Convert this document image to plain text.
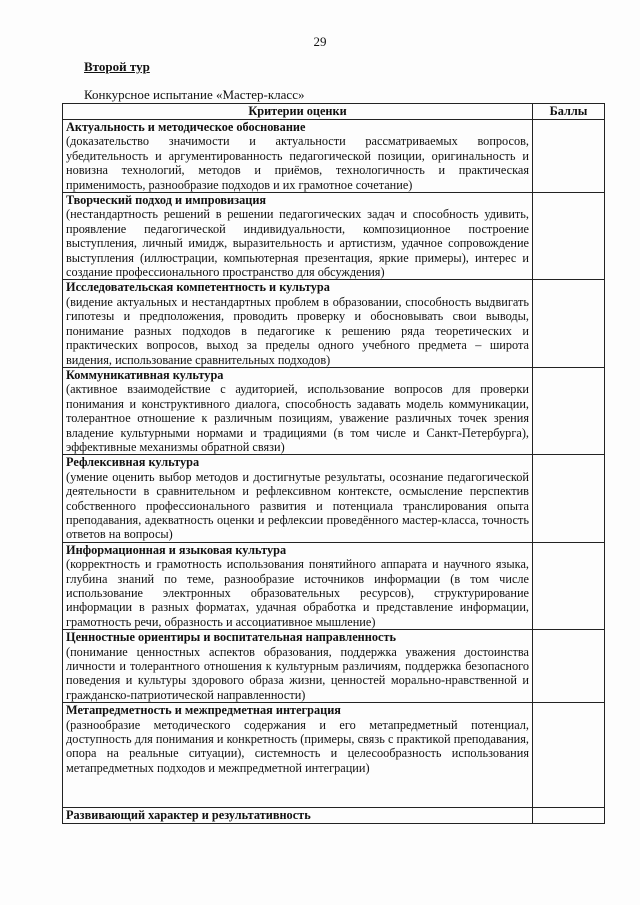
29
Второй тур
Конкурсное испытание «Мастер-класс»
Критерии оценки	Баллы

Актуальность и методическое обоснование
(доказательство значимости и актуальности рассматриваемых вопросов, убедительность и аргументированность педагогической позиции, оригинальность и новизна технологий, методов и приёмов, технологичность и практическая применимость, разнообразие подходов и их грамотное сочетание)	

Творческий подход и импровизация
(нестандартность решений в решении педагогических задач и способность удивить, проявление педагогической индивидуальности, композиционное построение выступления, личный имидж, выразительность и артистизм, удачное сопровождение выступления (иллюстрации, компьютерная презентация, яркие примеры), интерес и создание профессионального пространство для обсуждения)	

Исследовательская компетентность и культура
(видение актуальных и нестандартных проблем в образовании, способность выдвигать гипотезы и предположения, проводить проверку и обосновывать свои выводы, понимание разных подходов в педагогике к решению ряда теоретических и практических вопросов, выход за пределы одного учебного предмета – широта видения, использование сравнительных подходов)	

Коммуникативная культура
(активное взаимодействие с аудиторией, использование вопросов для проверки понимания и конструктивного диалога, способность задавать модель коммуникации, толерантное отношение к различным позициям, уважение различных точек зрения владение культурными нормами и традициями (в том числе и Санкт-Петербурга), эффективные механизмы обратной связи)	

Рефлексивная культура
(умение оценить выбор методов и достигнутые результаты, осознание педагогической деятельности в сравнительном и рефлексивном контексте, осмысление перспектив собственного профессионального развития и потенциала транслирования опыта преподавания, адекватность оценки и рефлексии проведённого мастер-класса, точность ответов на вопросы)	

Информационная и языковая культура
(корректность и грамотность использования понятийного аппарата и научного языка, глубина знаний по теме, разнообразие источников информации (в том числе использование электронных образовательных ресурсов), структурирование информации в разных форматах, удачная обработка и представление информации, грамотность речи, образность и ассоциативное мышление)	

Ценностные ориентиры и воспитательная направленность
(понимание ценностных аспектов образования, поддержка уважения достоинства личности и толерантного отношения к культурным различиям, поддержка безопасного поведения и культуры здорового образа жизни, ценностей морально-нравственной и гражданско-патриотической направленности)	

Метапредметность и межпредметная интеграция
(разнообразие методического содержания и его метапредметный потенциал, доступность для понимания и конкретность (примеры, связь с практикой преподавания, опора на реальные ситуации), системность и целесообразность использования метапредметных подходов и межпредметной интеграции)	

Развивающий характер и результативность	
